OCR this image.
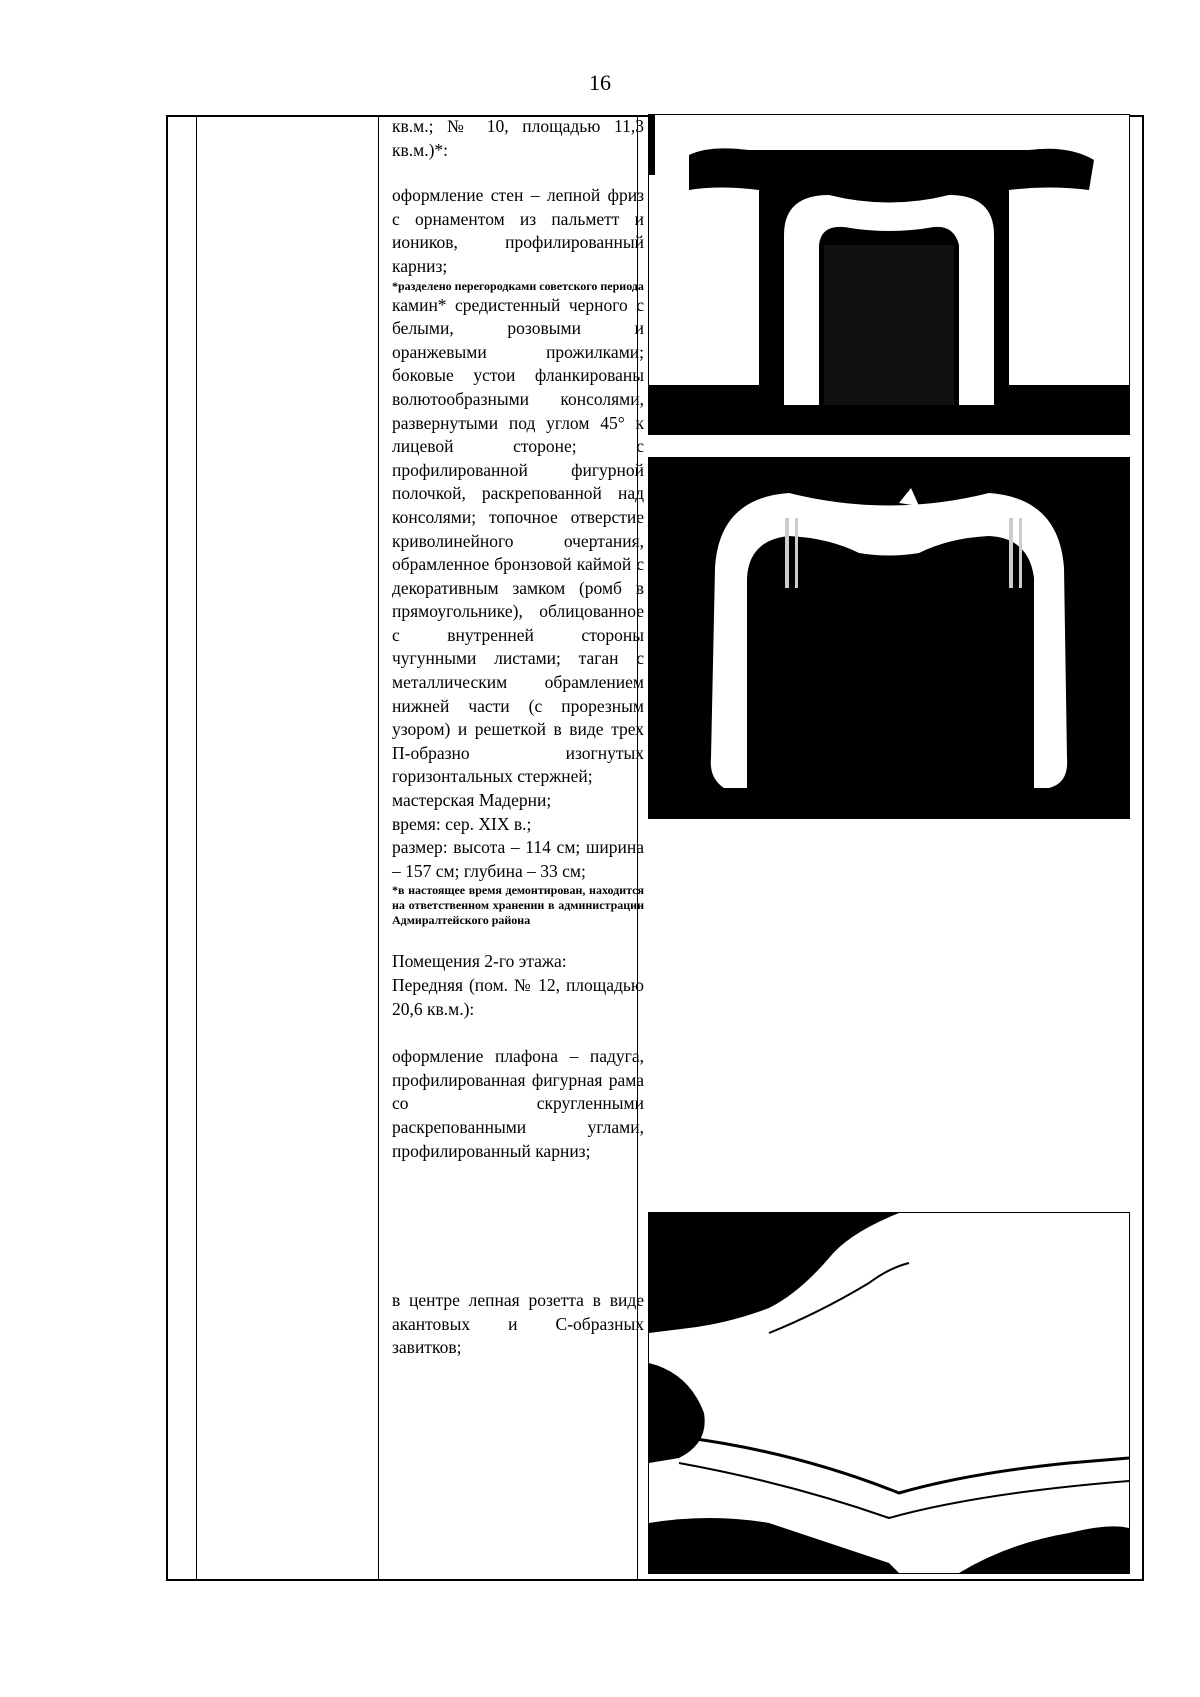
16

кв.м.; № 10, площадью 11,3 кв.м.)*:

оформление стен – лепной фриз с орнаментом из пальметт и иоников, профилированный карниз;

*разделено перегородками советского периода

камин* средистенный черного с белыми, розовыми и оранжевыми прожилками; боковые устои фланкированы волютообразными консолями, развернутыми под углом 45° к лицевой стороне; с профилированной фигурной полочкой, раскрепованной над консолями; топочное отверстие криволинейного очертания, обрамленное бронзовой каймой с декоративным замком (ромб в прямоугольнике), облицованное с внутренней стороны чугунными листами; таган с металлическим обрамлением нижней части (с прорезным узором) и решеткой в виде трех П-образно изогнутых горизонтальных стержней;

мастерская Мадерни;

время: сер. XIX в.;

размер: высота – 114 см; ширина – 157 см; глубина – 33 см;

*в настоящее время демонтирован, находится на ответственном хранении в администрации Адмиралтейского района

Помещения 2-го этажа:

Передняя (пом. № 12, площадью 20,6 кв.м.):

оформление плафона – падуга, профилированная фигурная рама со скругленными раскрепованными углами, профилированный карниз;

в центре лепная розетта в виде акантовых и С-образных завитков;
